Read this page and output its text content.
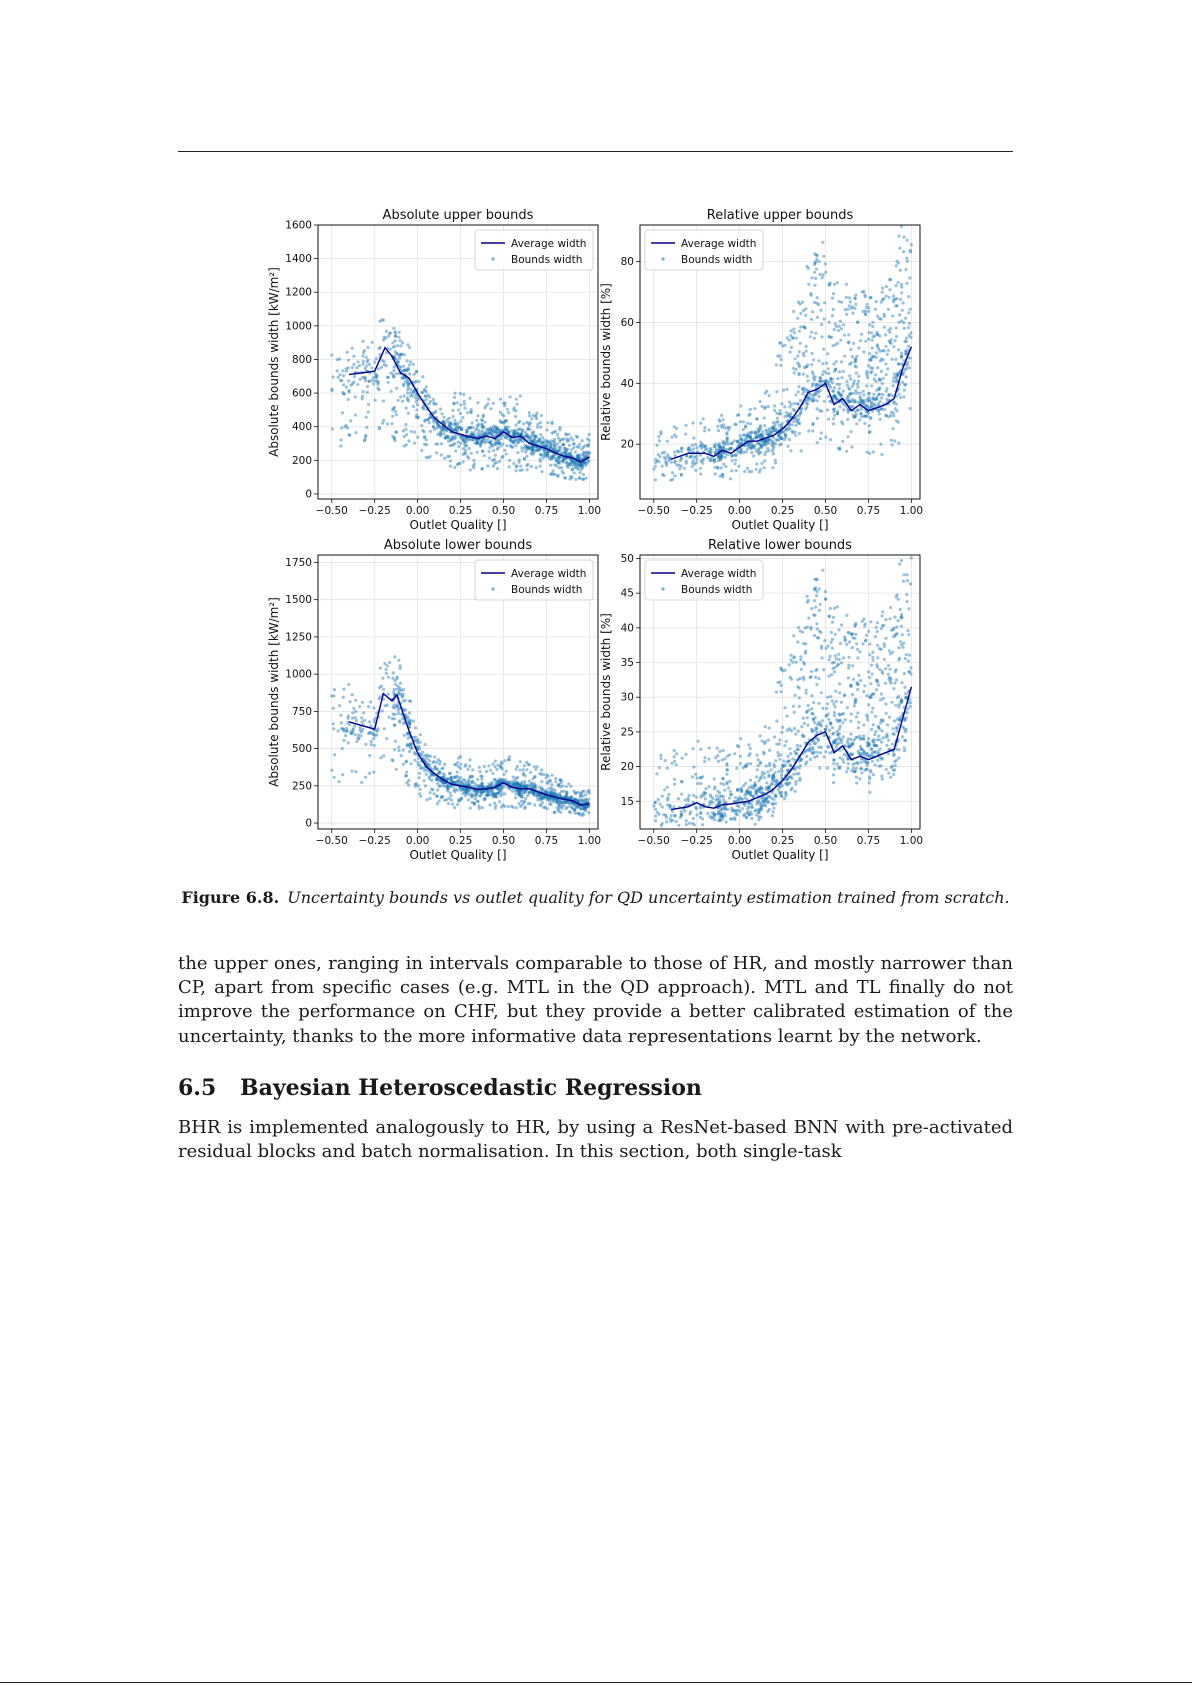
−0.50 −0.25 0.00 0.25 0.50 0.75 1.00
0
200
400
600
800
1000
1200
1400
1600
Absolute upper bounds
Outlet Quality []
Absolute bounds width [kW/m²]
Average width
Bounds width
−0.50 −0.25 0.00 0.25 0.50 0.75 1.00
20
40
60
80
Relative upper bounds
Outlet Quality []
Relative bounds width [%]
Average width
Bounds width
−0.50 −0.25 0.00 0.25 0.50 0.75 1.00
0
250
500
750
1000
1250
1500
1750
Absolute lower bounds
Outlet Quality []
Absolute bounds width [kW/m²]
Average width
Bounds width
−0.50 −0.25 0.00 0.25 0.50 0.75 1.00
15
20
25
30
35
40
45
50
Relative lower bounds
Outlet Quality []
Relative bounds width [%]
Average width
Bounds width
Figure 6.8. Uncertainty bounds vs outlet quality for QD uncertainty estimation trained from scratch.
the upper ones, ranging in intervals comparable to those of HR, and mostly narrower than CP, apart from specific cases (e.g. MTL in the QD approach). MTL and TL finally do not improve the performance on CHF, but they provide a better calibrated estimation of the uncertainty, thanks to the more informative data representations learnt by the network.
6.5 Bayesian Heteroscedastic Regression
BHR is implemented analogously to HR, by using a ResNet-based BNN with pre-activated residual blocks and batch normalisation. In this section, both single-task
